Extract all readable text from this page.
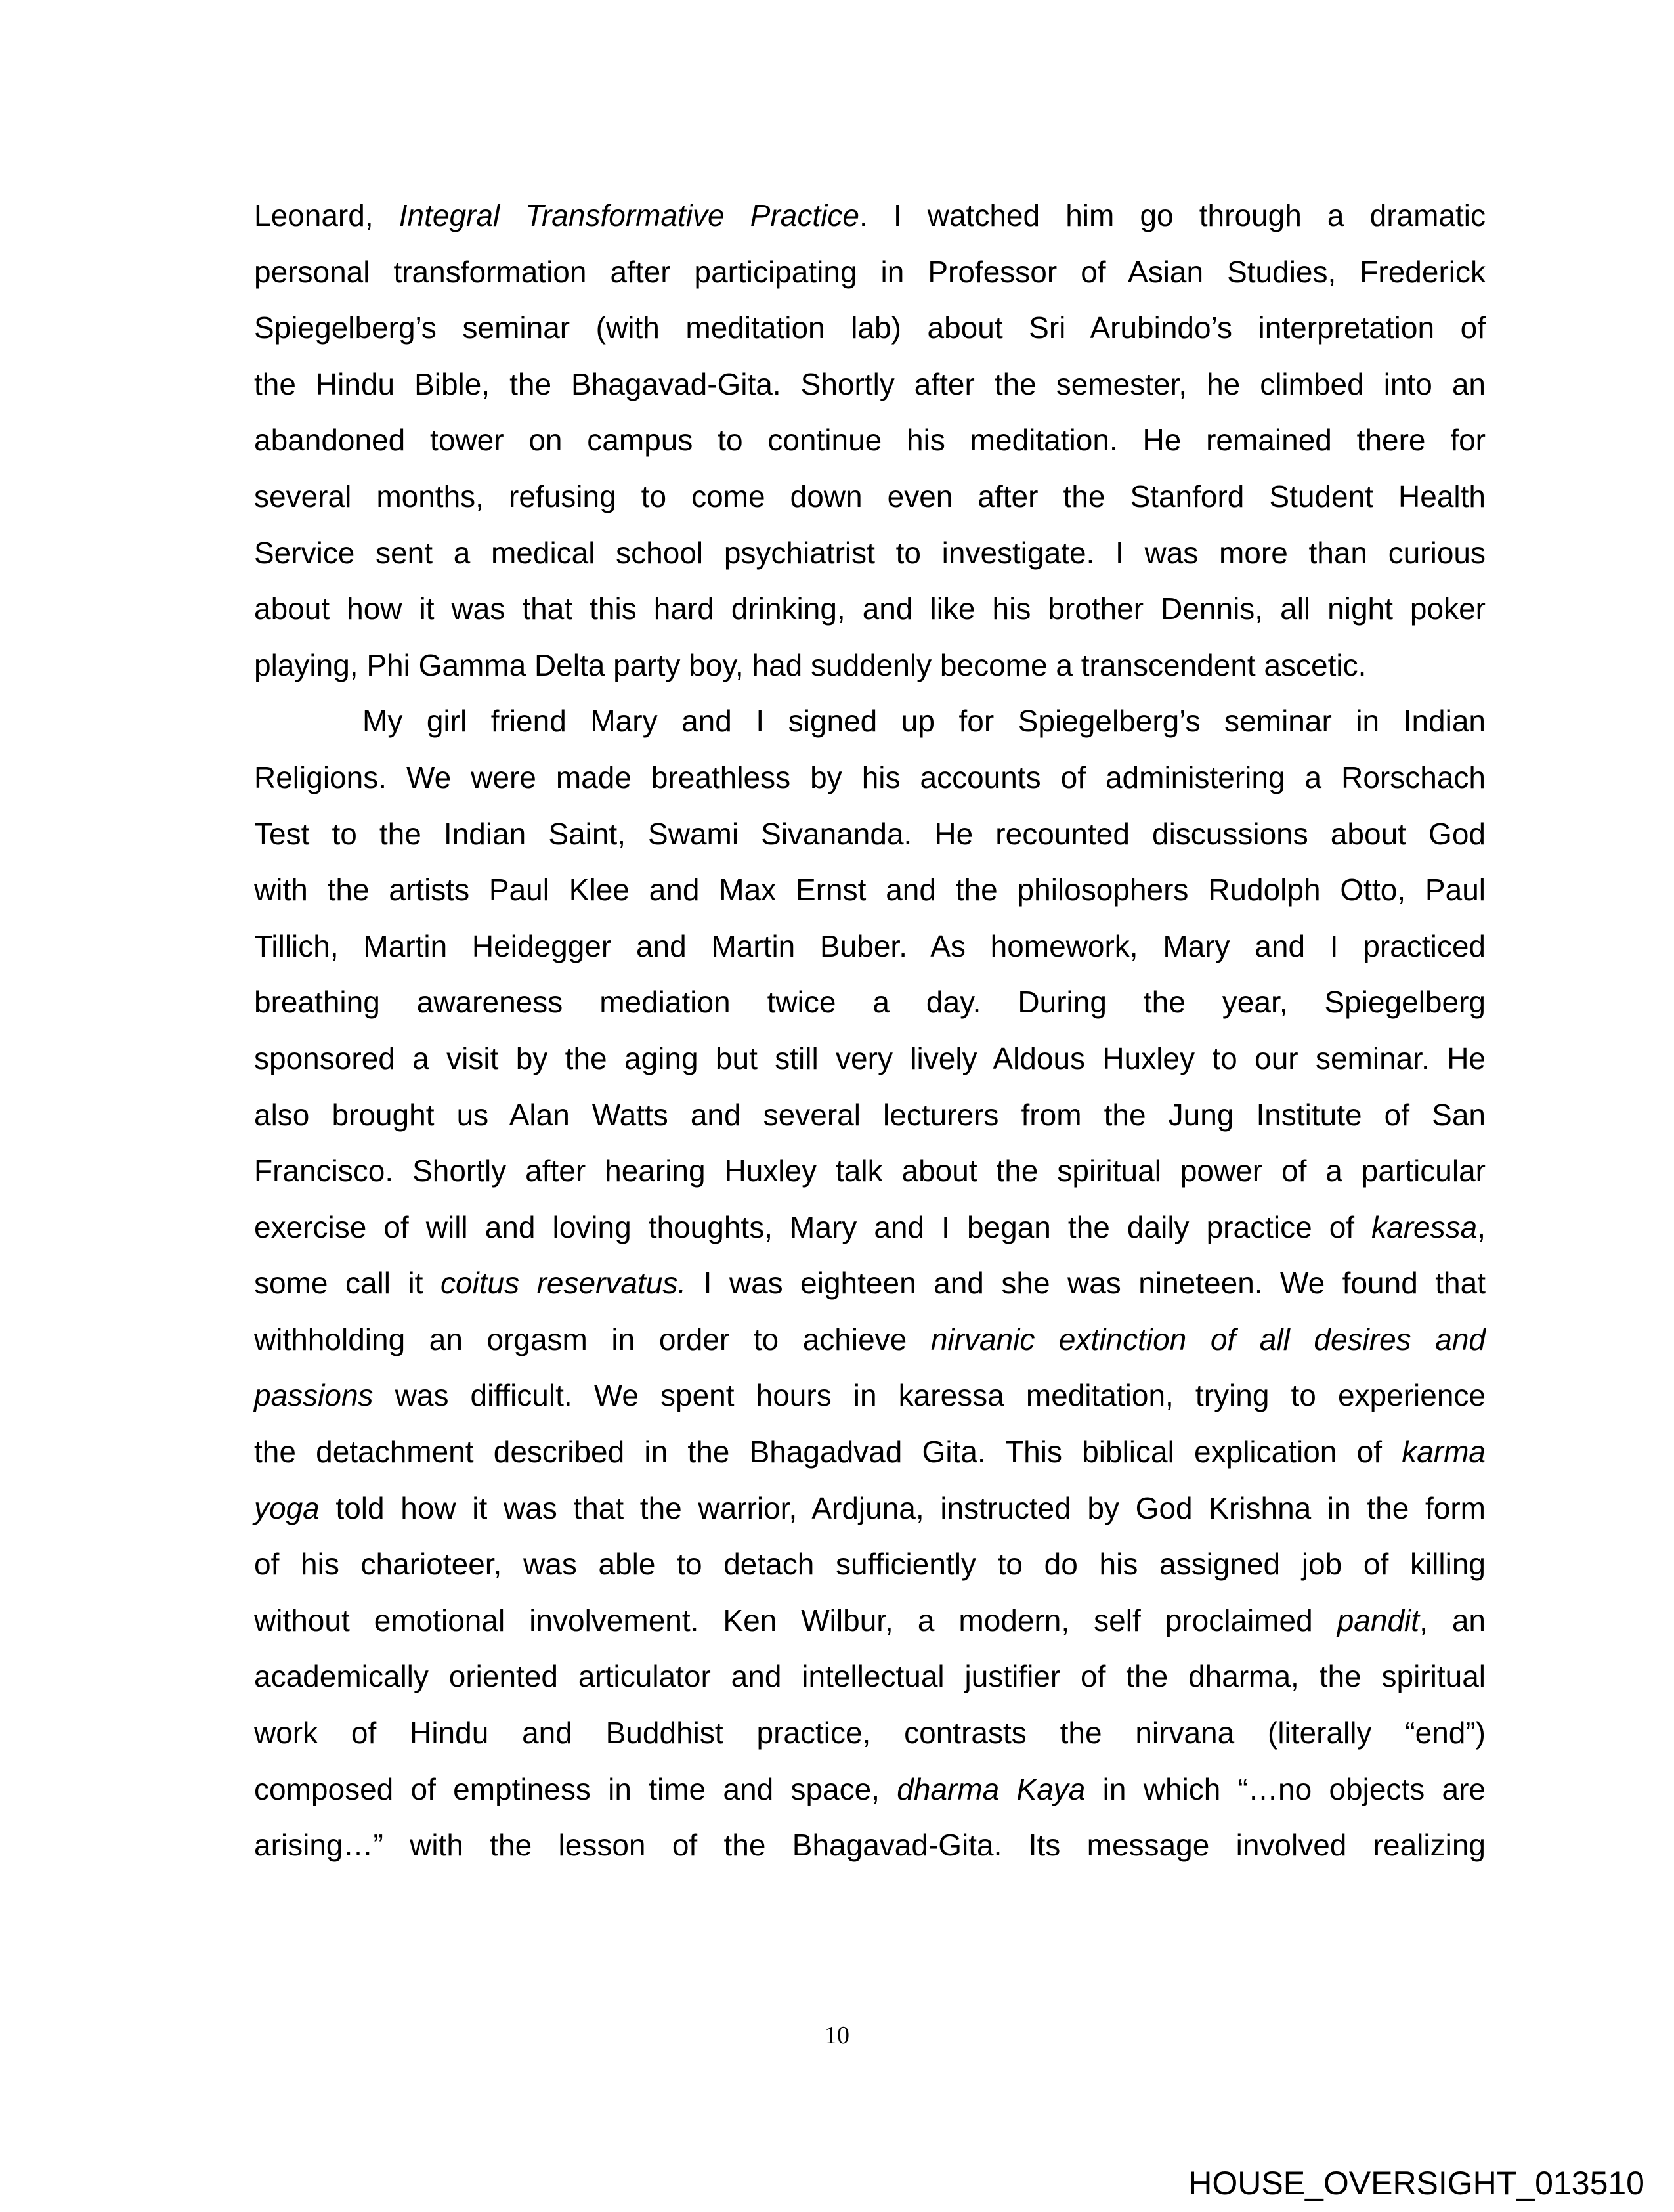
Leonard, Integral Transformative Practice. I watched him go through a dramatic
personal transformation after participating in Professor of Asian Studies, Frederick
Spiegelberg’s seminar (with meditation lab) about Sri Arubindo’s interpretation of
the Hindu Bible, the Bhagavad-Gita. Shortly after the semester, he climbed into an
abandoned tower on campus to continue his meditation. He remained there for
several months, refusing to come down even after the Stanford Student Health
Service sent a medical school psychiatrist to investigate. I was more than curious
about how it was that this hard drinking, and like his brother Dennis, all night poker
playing, Phi Gamma Delta party boy, had suddenly become a transcendent ascetic.
My girl friend Mary and I signed up for Spiegelberg’s seminar in Indian
Religions. We were made breathless by his accounts of administering a Rorschach
Test to the Indian Saint, Swami Sivananda. He recounted discussions about God
with the artists Paul Klee and Max Ernst and the philosophers Rudolph Otto, Paul
Tillich, Martin Heidegger and Martin Buber. As homework, Mary and I practiced
breathing awareness mediation twice a day. During the year, Spiegelberg
sponsored a visit by the aging but still very lively Aldous Huxley to our seminar. He
also brought us Alan Watts and several lecturers from the Jung Institute of San
Francisco. Shortly after hearing Huxley talk about the spiritual power of a particular
exercise of will and loving thoughts, Mary and I began the daily practice of karessa,
some call it coitus reservatus. I was eighteen and she was nineteen. We found that
withholding an orgasm in order to achieve nirvanic extinction of all desires and
passions was difficult. We spent hours in karessa meditation, trying to experience
the detachment described in the Bhagadvad Gita. This biblical explication of karma
yoga told how it was that the warrior, Ardjuna, instructed by God Krishna in the form
of his charioteer, was able to detach sufficiently to do his assigned job of killing
without emotional involvement. Ken Wilbur, a modern, self proclaimed pandit, an
academically oriented articulator and intellectual justifier of the dharma, the spiritual
work of Hindu and Buddhist practice, contrasts the nirvana (literally “end”)
composed of emptiness in time and space, dharma Kaya in which “…no objects are
arising…” with the lesson of the Bhagavad-Gita. Its message involved realizing
10
HOUSE_OVERSIGHT_013510
